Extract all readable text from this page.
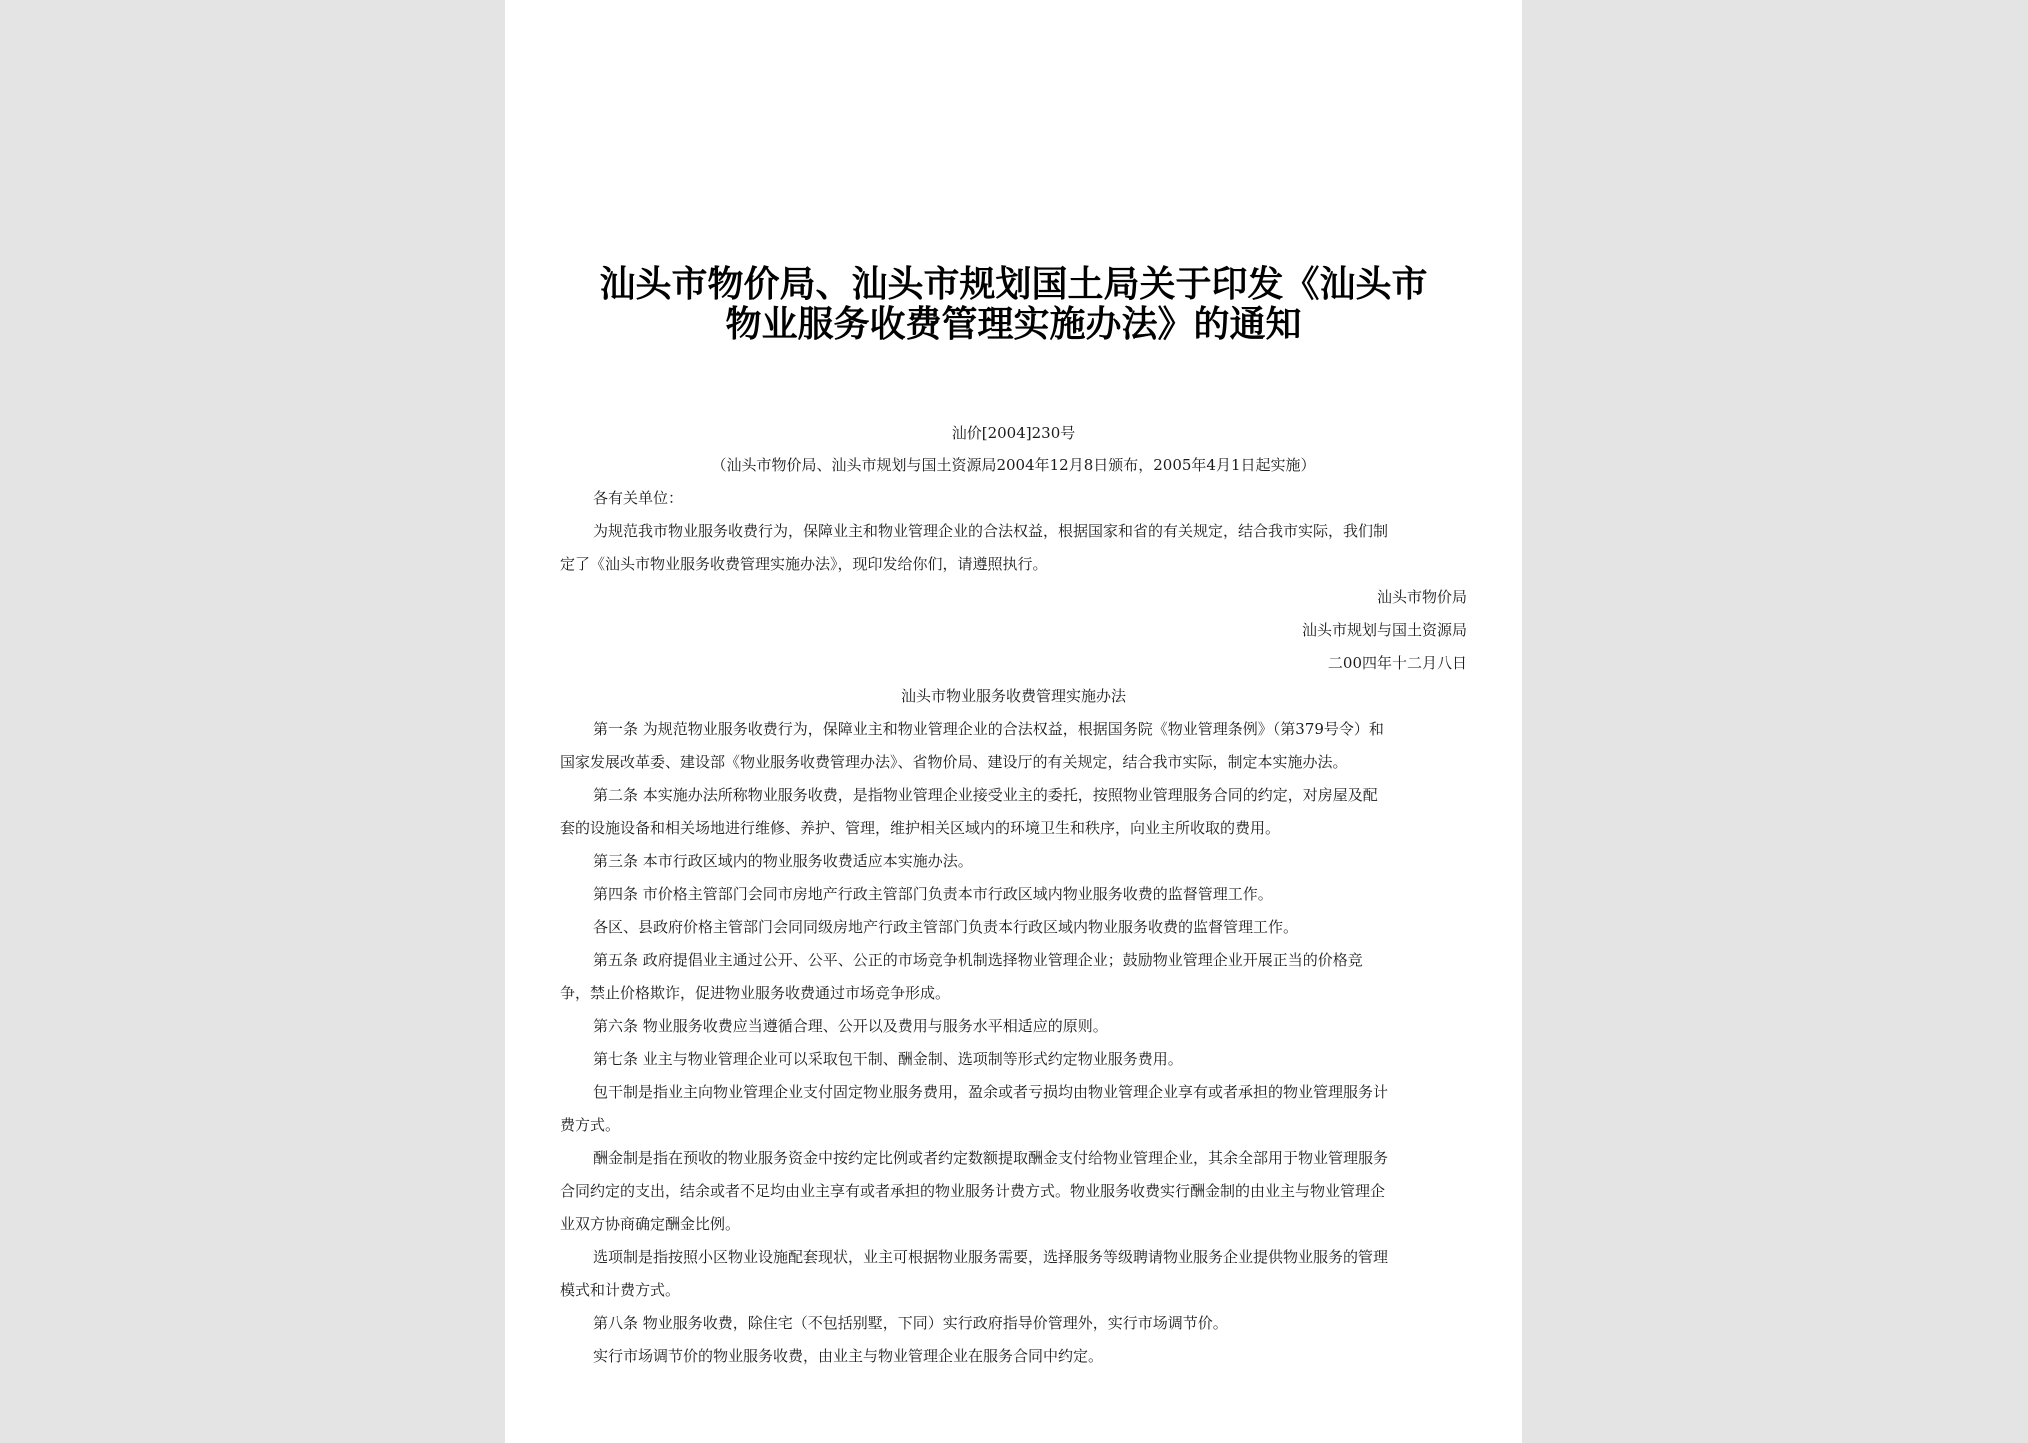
汕头市物价局、汕头市规划国土局关于印发《汕头市
物业服务收费管理实施办法》的通知
汕价[2004]230号
（汕头市物价局、汕头市规划与国土资源局2004年12月8日颁布，2005年4月1日起实施）
各有关单位：
为规范我市物业服务收费行为，保障业主和物业管理企业的合法权益，根据国家和省的有关规定，结合我市实际，我们制
定了《汕头市物业服务收费管理实施办法》，现印发给你们，请遵照执行。
汕头市物价局
汕头市规划与国土资源局
二00四年十二月八日
汕头市物业服务收费管理实施办法
第一条 为规范物业服务收费行为，保障业主和物业管理企业的合法权益，根据国务院《物业管理条例》（第379号令）和
国家发展改革委、建设部《物业服务收费管理办法》、省物价局、建设厅的有关规定，结合我市实际，制定本实施办法。
第二条 本实施办法所称物业服务收费，是指物业管理企业接受业主的委托，按照物业管理服务合同的约定，对房屋及配
套的设施设备和相关场地进行维修、养护、管理，维护相关区域内的环境卫生和秩序，向业主所收取的费用。
第三条 本市行政区域内的物业服务收费适应本实施办法。
第四条 市价格主管部门会同市房地产行政主管部门负责本市行政区域内物业服务收费的监督管理工作。
各区、县政府价格主管部门会同同级房地产行政主管部门负责本行政区域内物业服务收费的监督管理工作。
第五条 政府提倡业主通过公开、公平、公正的市场竞争机制选择物业管理企业；鼓励物业管理企业开展正当的价格竞
争，禁止价格欺诈，促进物业服务收费通过市场竞争形成。
第六条 物业服务收费应当遵循合理、公开以及费用与服务水平相适应的原则。
第七条 业主与物业管理企业可以采取包干制、酬金制、选项制等形式约定物业服务费用。
包干制是指业主向物业管理企业支付固定物业服务费用，盈余或者亏损均由物业管理企业享有或者承担的物业管理服务计
费方式。
酬金制是指在预收的物业服务资金中按约定比例或者约定数额提取酬金支付给物业管理企业，其余全部用于物业管理服务
合同约定的支出，结余或者不足均由业主享有或者承担的物业服务计费方式。物业服务收费实行酬金制的由业主与物业管理企
业双方协商确定酬金比例。
选项制是指按照小区物业设施配套现状，业主可根据物业服务需要，选择服务等级聘请物业服务企业提供物业服务的管理
模式和计费方式。
第八条 物业服务收费，除住宅（不包括别墅，下同）实行政府指导价管理外，实行市场调节价。
实行市场调节价的物业服务收费，由业主与物业管理企业在服务合同中约定。
